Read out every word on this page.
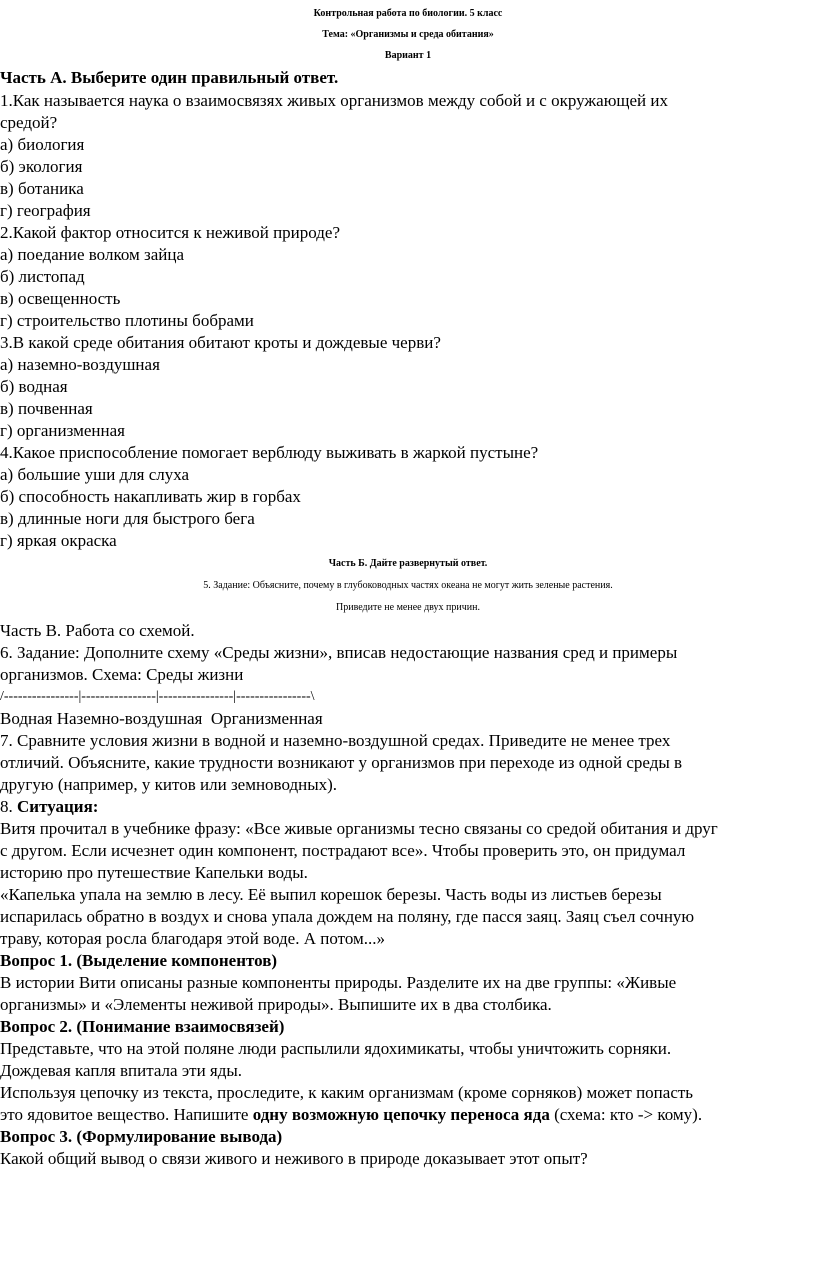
Контрольная работа по биологии. 5 класс
Тема: «Организмы и среда обитания»
Вариант 1
Часть А. Выберите один правильный ответ.
1.Как называется наука о взаимосвязях живых организмов между собой и с окружающей их
средой?
а) биология
б) экология
в) ботаника
г) география
2.Какой фактор относится к неживой природе?
а) поедание волком зайца
б) листопад
в) освещенность
г) строительство плотины бобрами
3.В какой среде обитания обитают кроты и дождевые черви?
а) наземно-воздушная
б) водная
в) почвенная
г) организменная
4.Какое приспособление помогает верблюду выживать в жаркой пустыне?
а) большие уши для слуха
б) способность накапливать жир в горбах
в) длинные ноги для быстрого бега
г) яркая окраска
Часть Б. Дайте развернутый ответ.
5. Задание: Объясните, почему в глубоководных частях океана не могут жить зеленые растения.
Приведите не менее двух причин.
Часть В. Работа со схемой.
6. Задание: Дополните схему «Среды жизни», вписав недостающие названия сред и примеры
организмов. Схема: Среды жизни
/----------------|----------------|----------------|----------------\
Водная Наземно-воздушная  Организменная
7. Сравните условия жизни в водной и наземно-воздушной средах. Приведите не менее трех
отличий. Объясните, какие трудности возникают у организмов при переходе из одной среды в
другую (например, у китов или земноводных).
8. Ситуация:
Витя прочитал в учебнике фразу: «Все живые организмы тесно связаны со средой обитания и друг
с другом. Если исчезнет один компонент, пострадают все». Чтобы проверить это, он придумал
историю про путешествие Капельки воды.
«Капелька упала на землю в лесу. Её выпил корешок березы. Часть воды из листьев березы
испарилась обратно в воздух и снова упала дождем на поляну, где пасся заяц. Заяц съел сочную
траву, которая росла благодаря этой воде. А потом...»
Вопрос 1. (Выделение компонентов)
В истории Вити описаны разные компоненты природы. Разделите их на две группы: «Живые
организмы» и «Элементы неживой природы». Выпишите их в два столбика.
Вопрос 2. (Понимание взаимосвязей)
Представьте, что на этой поляне люди распылили ядохимикаты, чтобы уничтожить сорняки.
Дождевая капля впитала эти яды.
Используя цепочку из текста, проследите, к каким организмам (кроме сорняков) может попасть
это ядовитое вещество. Напишите одну возможную цепочку переноса яда (схема: кто -> кому).
Вопрос 3. (Формулирование вывода)
Какой общий вывод о связи живого и неживого в природе доказывает этот опыт?
